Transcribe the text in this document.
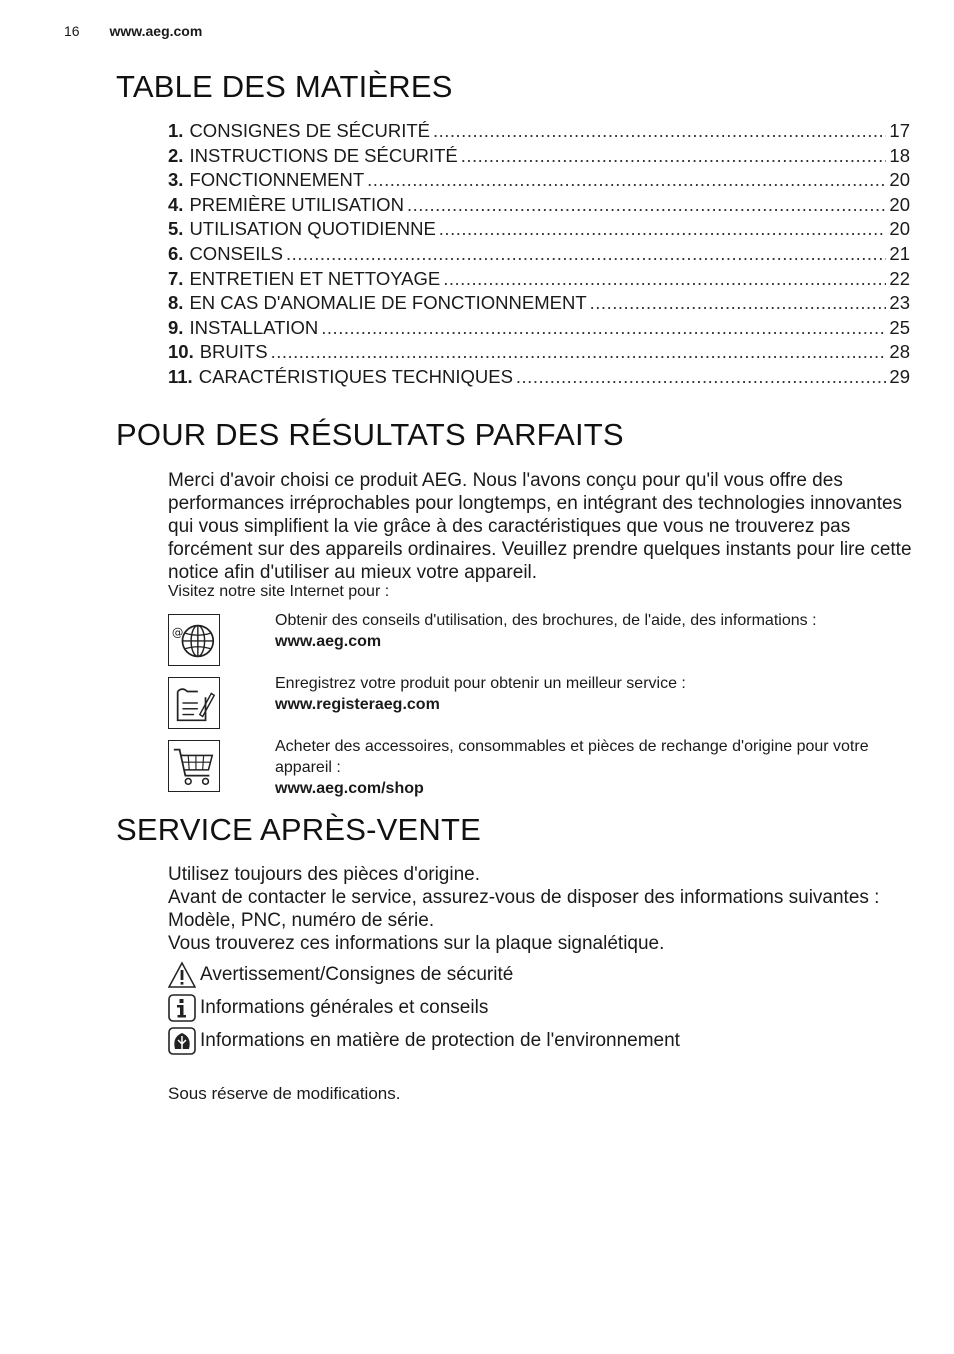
16 www.aeg.com
TABLE DES MATIÈRES
1. CONSIGNES DE SÉCURITÉ .....	17
2. INSTRUCTIONS DE SÉCURITÉ .....	18
3. FONCTIONNEMENT .....	20
4. PREMIÈRE UTILISATION .....	20
5. UTILISATION QUOTIDIENNE .....	20
6. CONSEILS .....	21
7. ENTRETIEN ET NETTOYAGE .....	22
8. EN CAS D'ANOMALIE DE FONCTIONNEMENT .....	23
9. INSTALLATION .....	25
10. BRUITS .....	28
11. CARACTÉRISTIQUES TECHNIQUES .....	29
POUR DES RÉSULTATS PARFAITS
Merci d'avoir choisi ce produit AEG. Nous l'avons conçu pour qu'il vous offre des performances irréprochables pour longtemps, en intégrant des technologies innovantes qui vous simplifient la vie grâce à des caractéristiques que vous ne trouverez pas forcément sur des appareils ordinaires. Veuillez prendre quelques instants pour lire cette notice afin d'utiliser au mieux votre appareil.
Visitez notre site Internet pour :
@
Obtenir des conseils d'utilisation, des brochures, de l'aide, des informations :
www.aeg.com
Enregistrez votre produit pour obtenir un meilleur service :
www.registeraeg.com
Acheter des accessoires, consommables et pièces de rechange d'origine pour votre appareil :
www.aeg.com/shop
SERVICE APRÈS-VENTE

Utilisez toujours des pièces d'origine.

Avant de contacter le service, assurez-vous de disposer des informations suivantes : Modèle, PNC, numéro de série.

Vous trouverez ces informations sur la plaque signalétique.

Avertissement/Consignes de sécurité
Informations générales et conseils
Informations en matière de protection de l'environnement
Sous réserve de modifications.
